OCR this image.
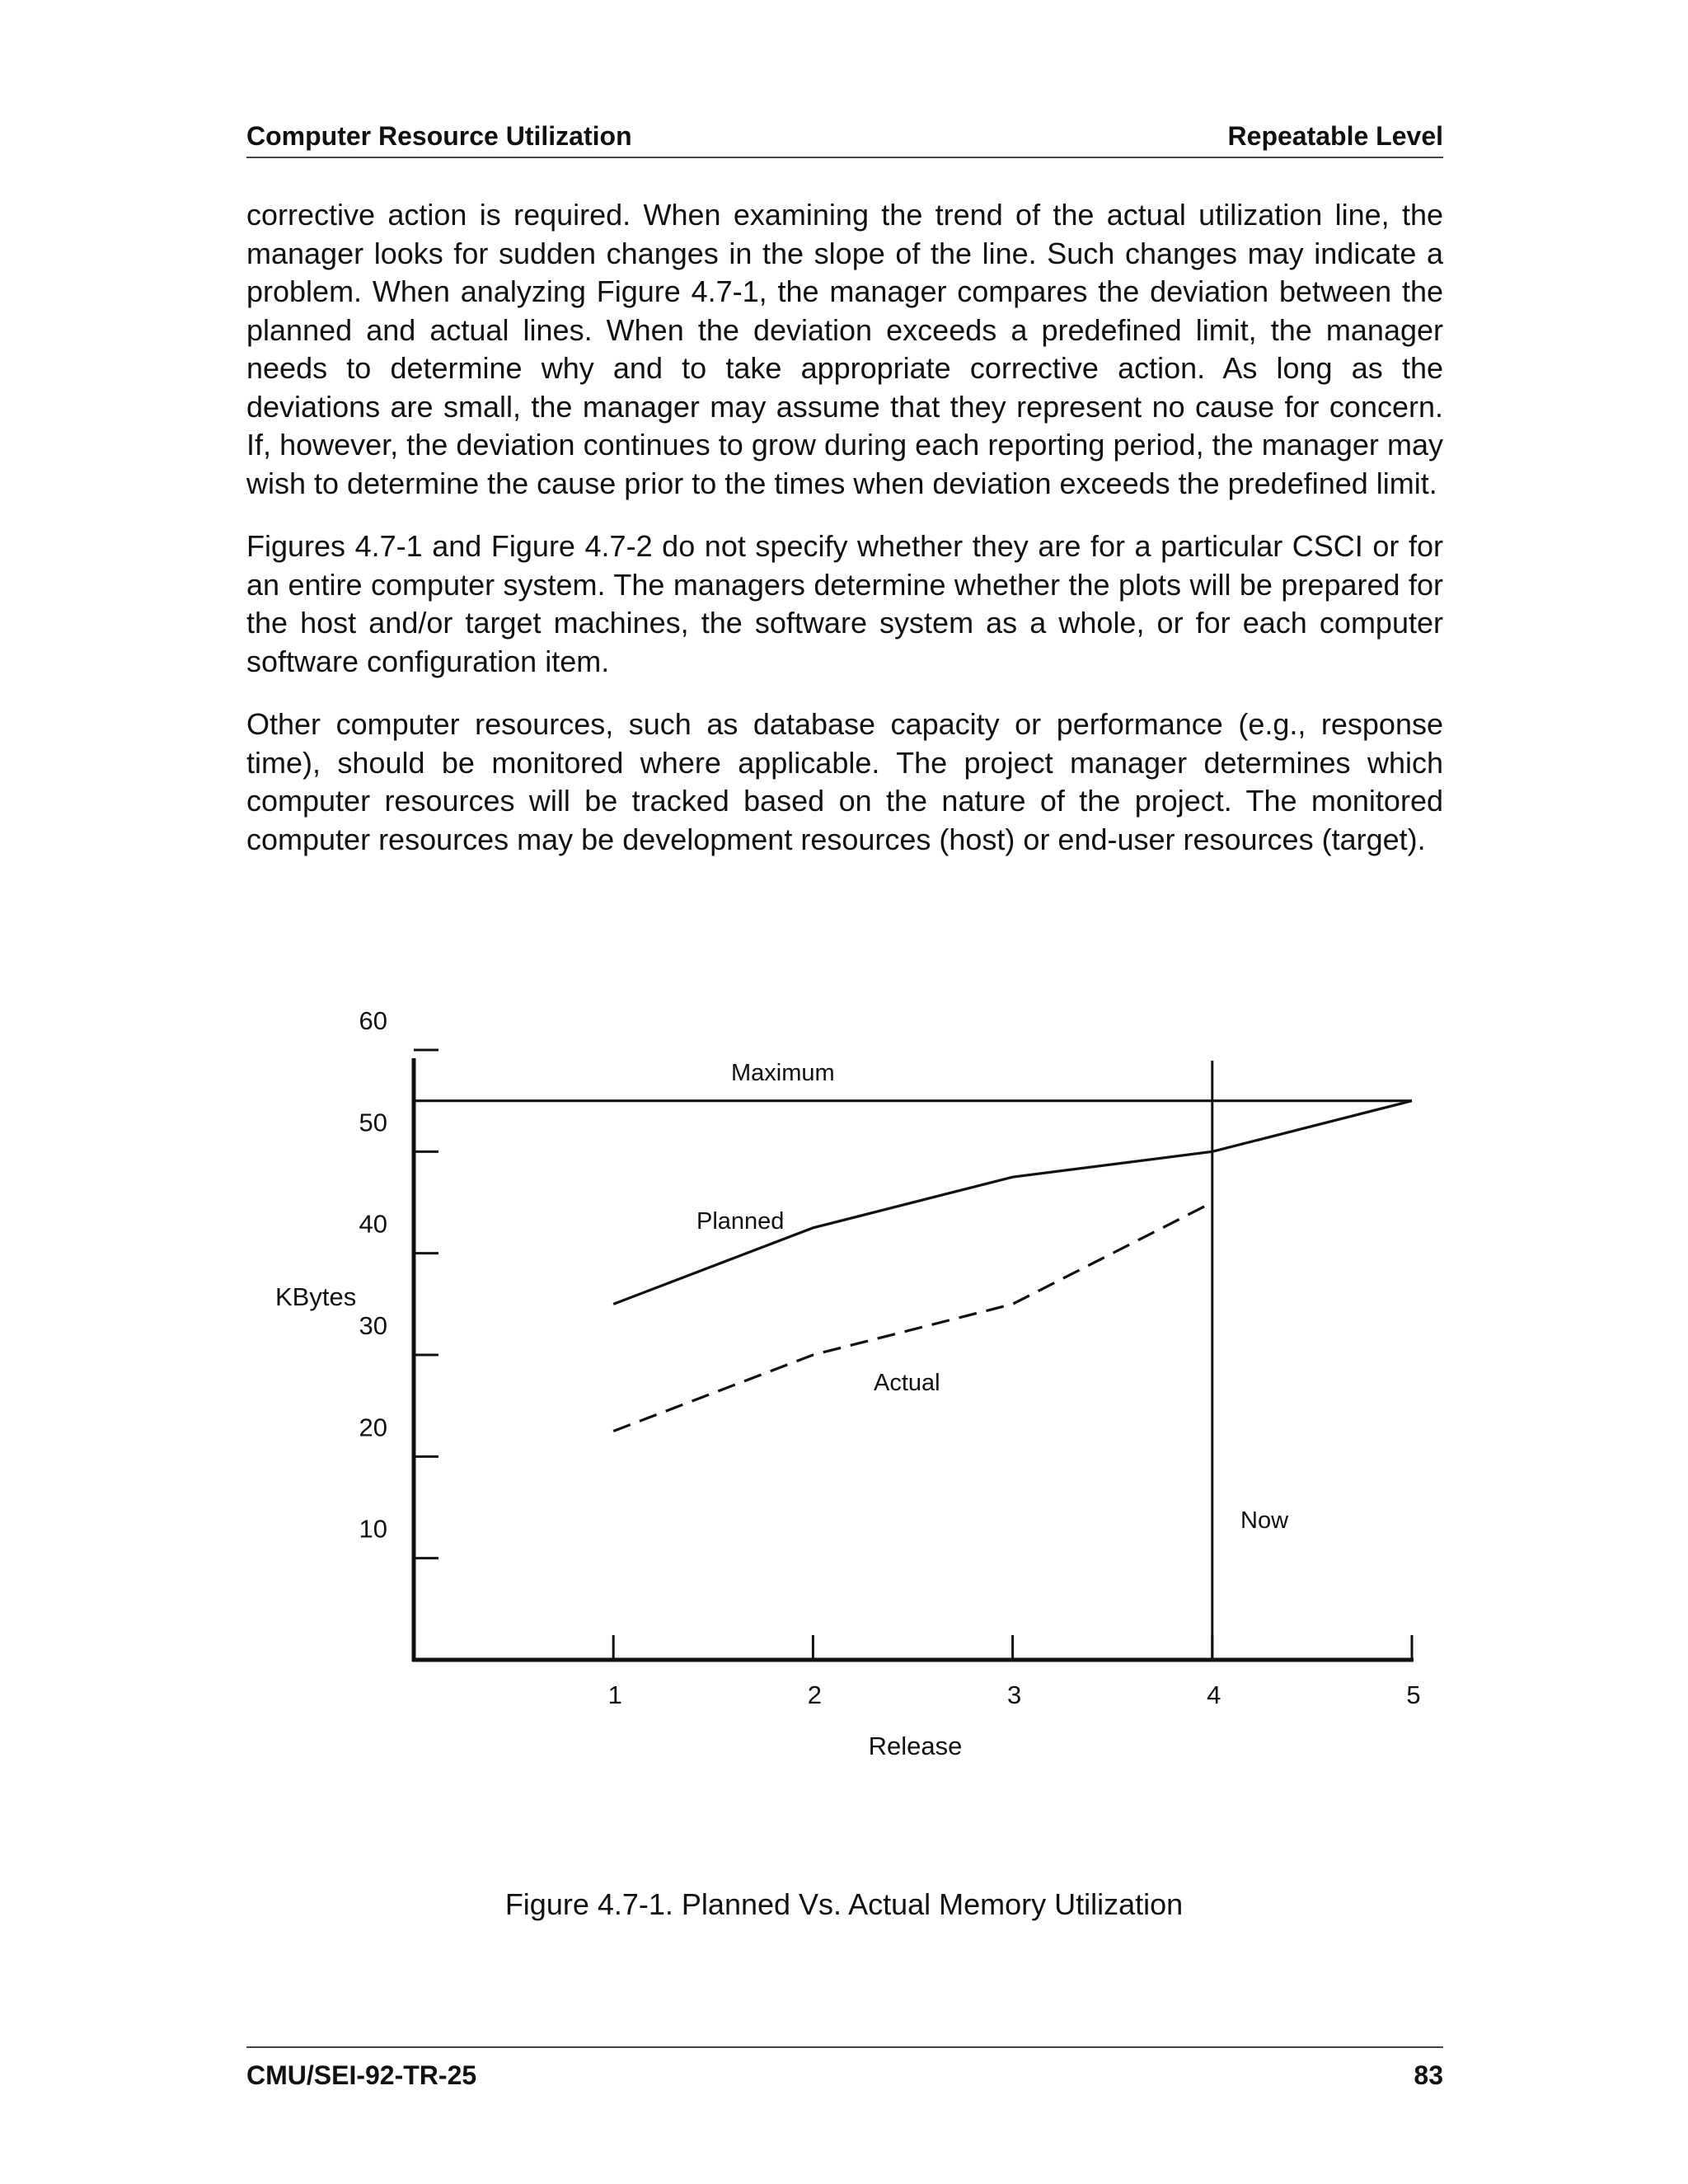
Computer Resource Utilization	Repeatable Level

corrective action is required. When examining the trend of the actual utilization line, the manager looks for sudden changes in the slope of the line. Such changes may indicate a problem. When analyzing Figure 4.7-1, the manager compares the deviation between the planned and actual lines. When the deviation exceeds a predefined limit, the manager needs to determine why and to take appropriate corrective action. As long as the deviations are small, the manager may assume that they represent no cause for concern. If, however, the deviation continues to grow during each reporting period, the manager may wish to determine the cause prior to the times when deviation exceeds the predefined limit.

Figures 4.7-1 and Figure 4.7-2 do not specify whether they are for a particular CSCI or for an entire computer system. The managers determine whether the plots will be prepared for the host and/or target machines, the software system as a whole, or for each computer software configuration item.

Other computer resources, such as database capacity or performance (e.g., response time), should be monitored where applicable. The project manager determines which computer resources will be tracked based on the nature of the project. The monitored computer resources may be development resources (host) or end-user resources (target).

60
50
40
30
20
10
1	2	3	4	5
Maximum
Planned
Actual
Now
KBytes
Release
Figure 4.7-1. Planned Vs. Actual Memory Utilization
CMU/SEI-92-TR-25	83
